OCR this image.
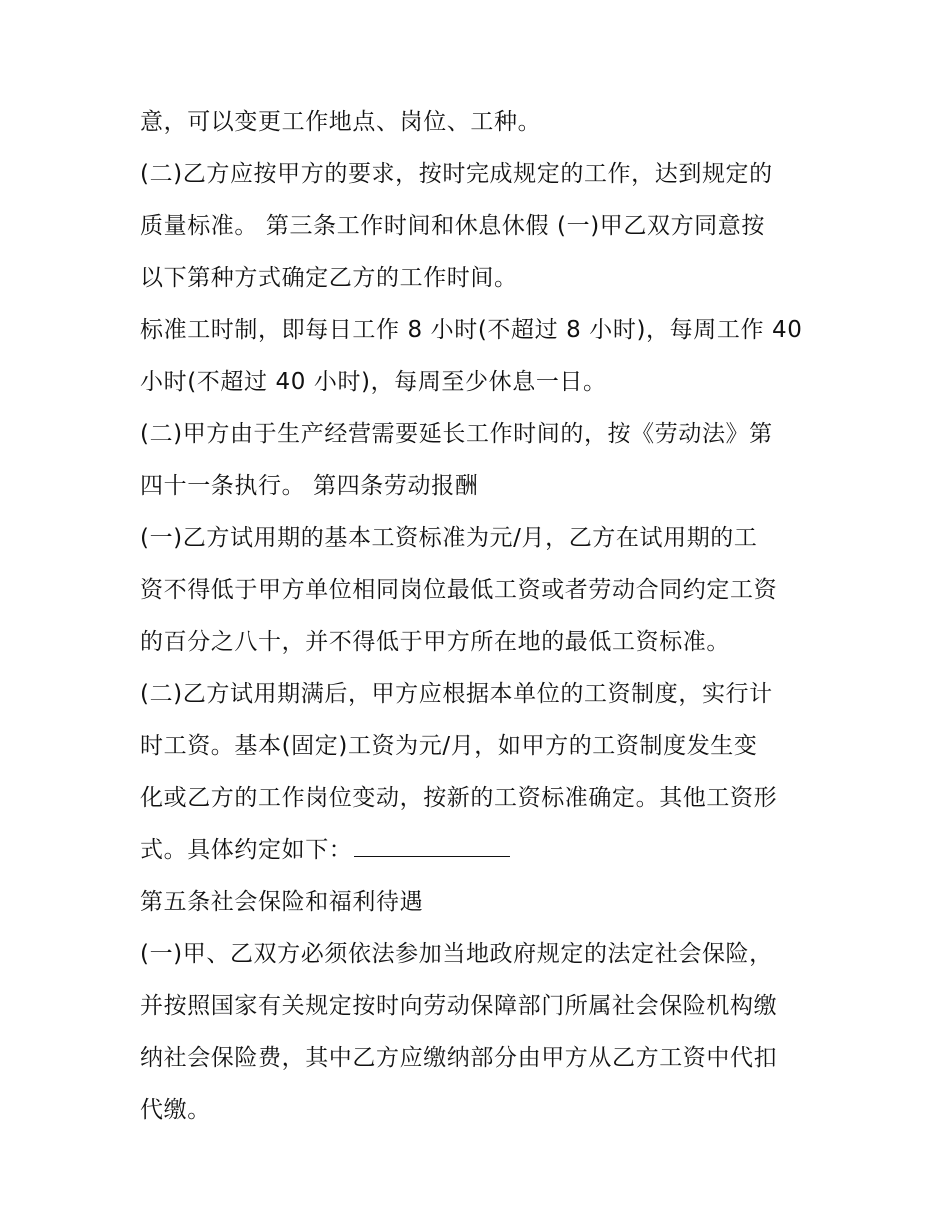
意，可以变更工作地点、岗位、工种。
(二)乙方应按甲方的要求，按时完成规定的工作，达到规定的
质量标准。 第三条工作时间和休息休假 (一)甲乙双方同意按
以下第种方式确定乙方的工作时间。
标准工时制，即每日工作 8 小时(不超过 8 小时)，每周工作 40
小时(不超过 40 小时)，每周至少休息一日。
(二)甲方由于生产经营需要延长工作时间的，按《劳动法》第
四十一条执行。 第四条劳动报酬
(一)乙方试用期的基本工资标准为元/月，乙方在试用期的工
资不得低于甲方单位相同岗位最低工资或者劳动合同约定工资
的百分之八十，并不得低于甲方所在地的最低工资标准。
(二)乙方试用期满后，甲方应根据本单位的工资制度，实行计
时工资。基本(固定)工资为元/月，如甲方的工资制度发生变
化或乙方的工作岗位变动，按新的工资标准确定。其他工资形
式。具体约定如下：
第五条社会保险和福利待遇
(一)甲、乙双方必须依法参加当地政府规定的法定社会保险，
并按照国家有关规定按时向劳动保障部门所属社会保险机构缴
纳社会保险费，其中乙方应缴纳部分由甲方从乙方工资中代扣
代缴。
